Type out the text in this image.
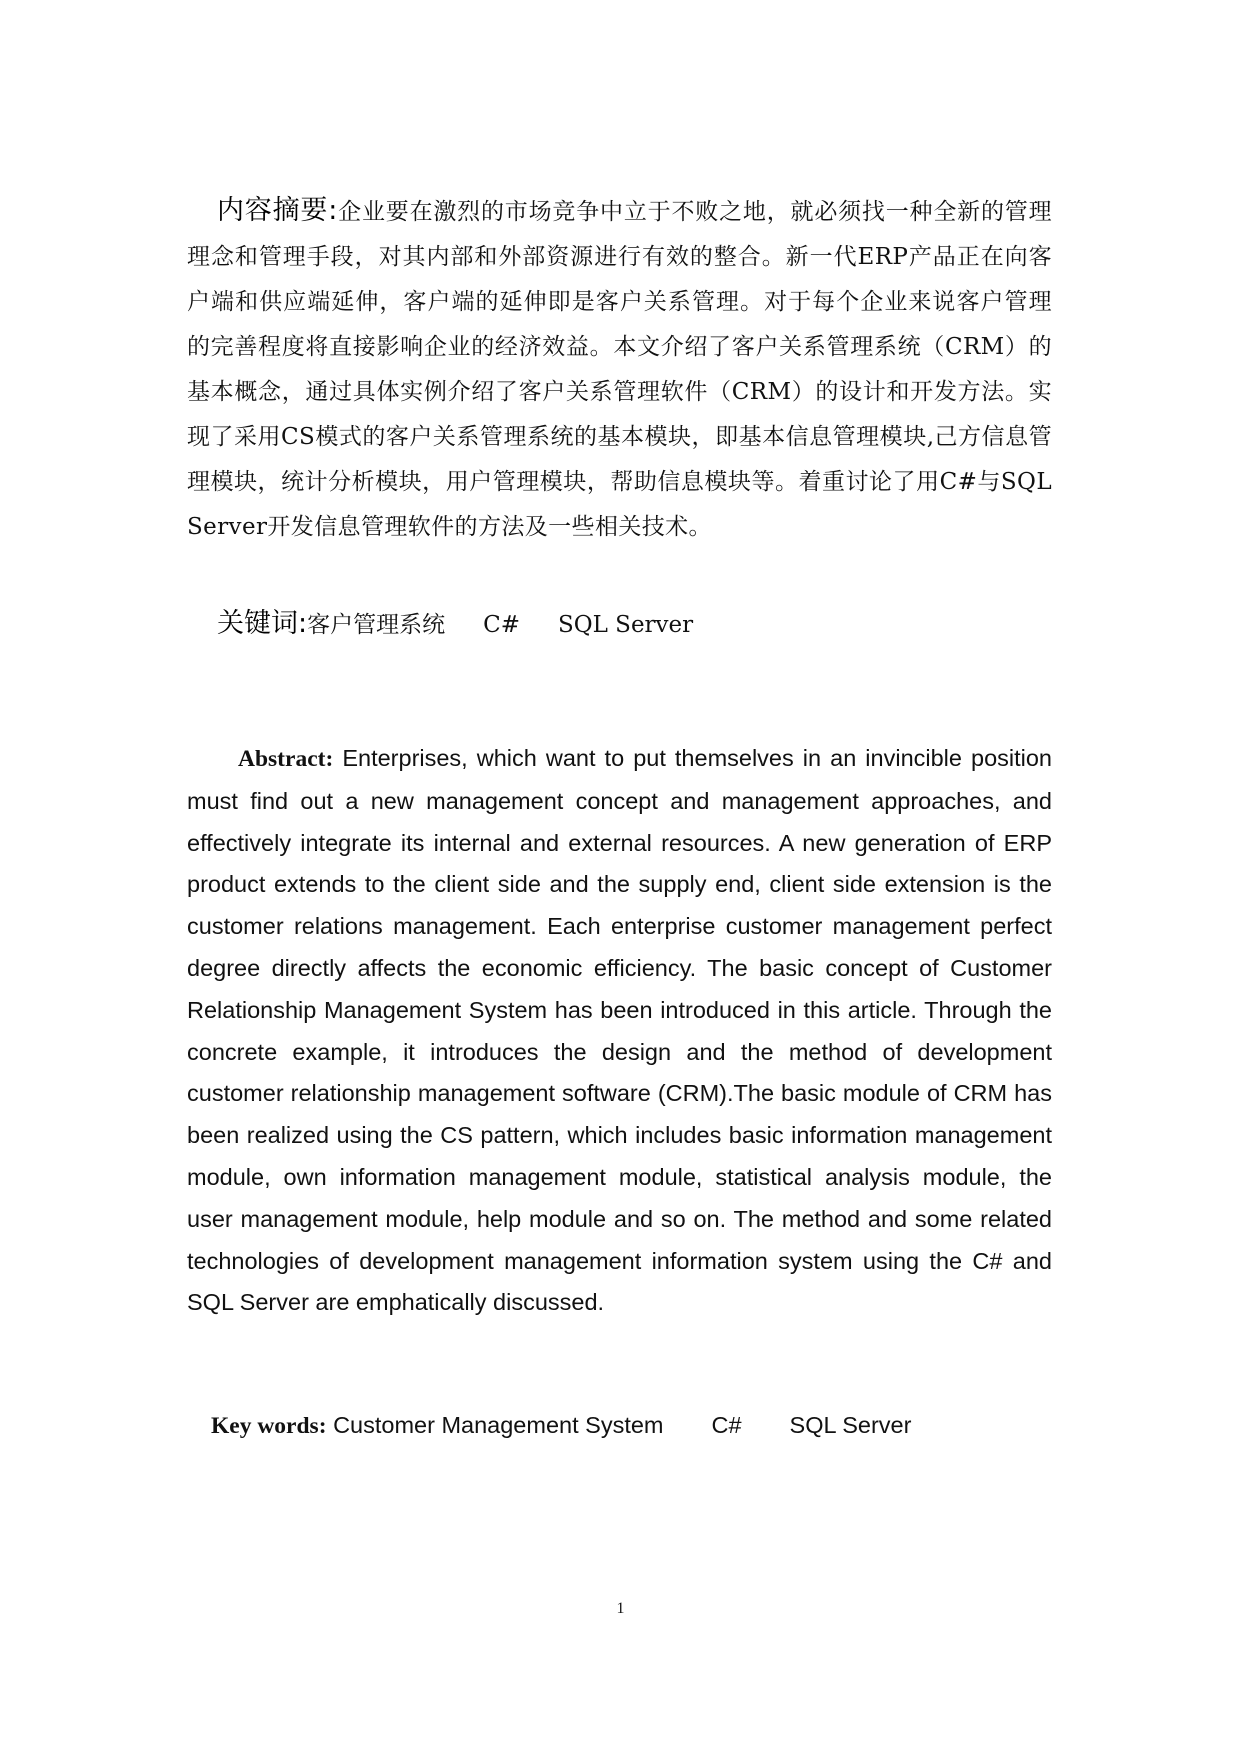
内容摘要:企业要在激烈的市场竞争中立于不败之地，就必须找一种全新的管理理念和管理手段，对其内部和外部资源进行有效的整合。新一代ERP产品正在向客户端和供应端延伸，客户端的延伸即是客户关系管理。对于每个企业来说客户管理的完善程度将直接影响企业的经济效益。本文介绍了客户关系管理系统（CRM）的基本概念，通过具体实例介绍了客户关系管理软件（CRM）的设计和开发方法。实现了采用CS模式的客户关系管理系统的基本模块，即基本信息管理模块,己方信息管理模块，统计分析模块，用户管理模块，帮助信息模块等。着重讨论了用C#与SQL Server开发信息管理软件的方法及一些相关技术。

关键词:客户管理系统 C# SQL Server

Abstract: Enterprises, which want to put themselves in an invincible position must find out a new management concept and management approaches, and effectively integrate its internal and external resources. A new generation of ERP product extends to the client side and the supply end, client side extension is the customer relations management. Each enterprise customer management perfect degree directly affects the economic efficiency. The basic concept of Customer Relationship Management System has been introduced in this article. Through the concrete example, it introduces the design and the method of development customer relationship management software (CRM).The basic module of CRM has been realized using the CS pattern, which includes basic information management module, own information management module, statistical analysis module, the user management module, help module and so on. The method and some related technologies of development management information system using the C# and SQL Server are emphatically discussed.

Key words: Customer Management System C# SQL Server
1
